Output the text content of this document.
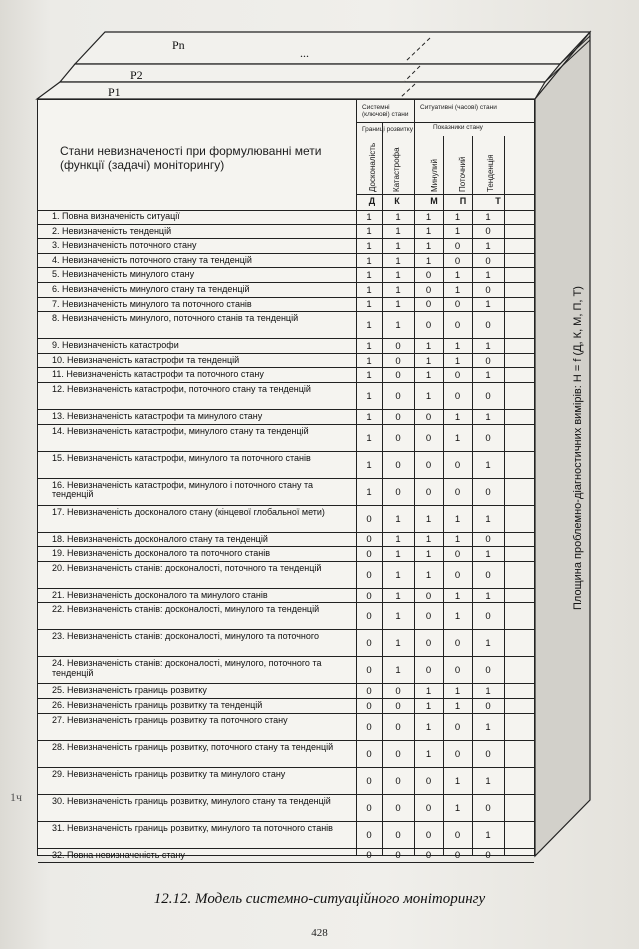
Pn
...
P2
P1
Площина проблемно-діагностичних вимірів: H = f (Д, К, М, П, Т)
Стани невизначеності при формулюванні мети (функції (задачі) моніторингу)
Системні (ключові) стани
Границі розвитку
Ситуативні (часові) стани
Показники стану
Досконалість Катастрофа	Минулий Поточний Тенденція
Д	К	М	П	Т
1. Повна визначеність ситуації	1	1	1	1	1
2. Невизначеність тенденцій	1	1	1	1	0
3. Невизначеність поточного стану	1	1	1	0	1
4. Невизначеність поточного стану та тенденцій	1	1	1	0	0
5. Невизначеність минулого стану	1	1	0	1	1
6. Невизначеність минулого стану та тенденцій	1	1	0	1	0
7. Невизначеність минулого та поточного станів	1	1	0	0	1
8. Невизначеність минулого, поточного станів та тенденцій
1	1	0	0	0
9. Невизначеність катастрофи	1	0	1	1	1
10. Невизначеність катастрофи та тенденцій	1	0	1	1	0
11. Невизначеність катастрофи та поточного стану	1	0	1	0	1
12. Невизначеність катастрофи, поточного стану та тенденцій
1	0	1	0	0
13. Невизначеність катастрофи та минулого стану	1	0	0	1	1
14. Невизначеність катастрофи, минулого стану та тенденцій
1	0	0	1	0
15. Невизначеність катастрофи, минулого та поточного станів
1	0	0	0	1
16. Невизначеність катастрофи, минулого і поточного стану та тенденцій	1	0	0	0	0
17. Невизначеність досконалого стану (кінцевої глобальної мети)
0	1	1	1	1
18. Невизначеність досконалого стану та тенденцій	0	1	1	1	0
19. Невизначеність досконалого та поточного станів	0	1	1	0	1
20. Невизначеність станів: досконалості, поточного та тенденцій
0	1	1	0	0
21. Невизначеність досконалого та минулого станів	0	1	0	1	1
22. Невизначеність станів: досконалості, минулого та тенденцій
0	1	0	1	0
23. Невизначеність станів: досконалості, минулого та поточного
0	1	0	0	1
24. Невизначеність станів: досконалості, минулого, поточного та тенденцій	0	1	0	0	0
25. Невизначеність границь розвитку	0	0	1	1	1
26. Невизначеність границь розвитку та тенденцій	0	0	1	1	0
27. Невизначеність границь розвитку та поточного стану
0	0	1	0	1
28. Невизначеність границь розвитку, поточного стану та тенденцій
0	0	1	0	0
29. Невизначеність границь розвитку та минулого стану
0	0	0	1	1
30. Невизначеність границь розвитку, минулого стану та тенденцій
0	0	0	1	0
31. Невизначеність границь розвитку, минулого та поточного станів
0	0	0	0	1
32. Повна невизначеність стану	0	0	0	0	0
1ч
12.12. Модель системно-ситуаційного моніторингу
428
